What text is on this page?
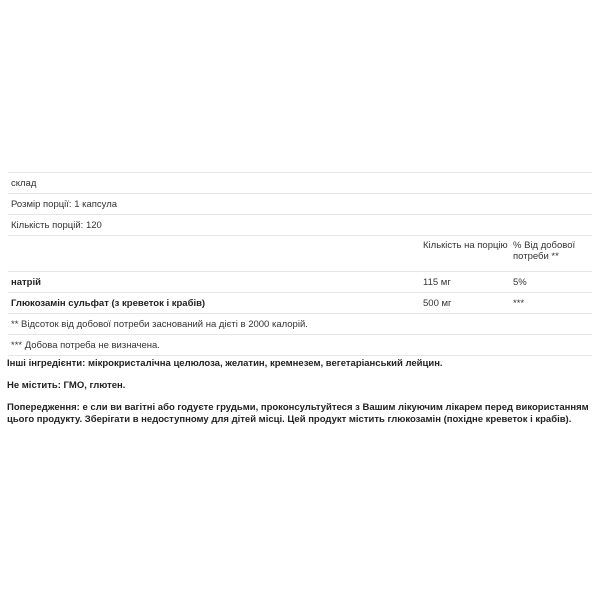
склад		
Розмір порції: 1 капсула		
Кількість порцій: 120		
	Кількість на порцію	% Від добової потреби **
натрій	115 мг	5%
Глюкозамін сульфат (з креветок і крабів)	500 мг	***
** Відсоток від добової потреби заснований на дієті в 2000 калорій.		
*** Добова потреба не визначена.		

Інші інгредієнти: мікрокристалічна целюлоза, желатин, кремнезем, вегетаріанський лейцин.

Не містить: ГМО, глютен.

Попередження: е сли ви вагітні або годуєте грудьми, проконсультуйтеся з Вашим лікуючим лікарем перед використанням цього продукту. Зберігати в недоступному для дітей місці. Цей продукт містить глюкозамін (похідне креветок і крабів).
